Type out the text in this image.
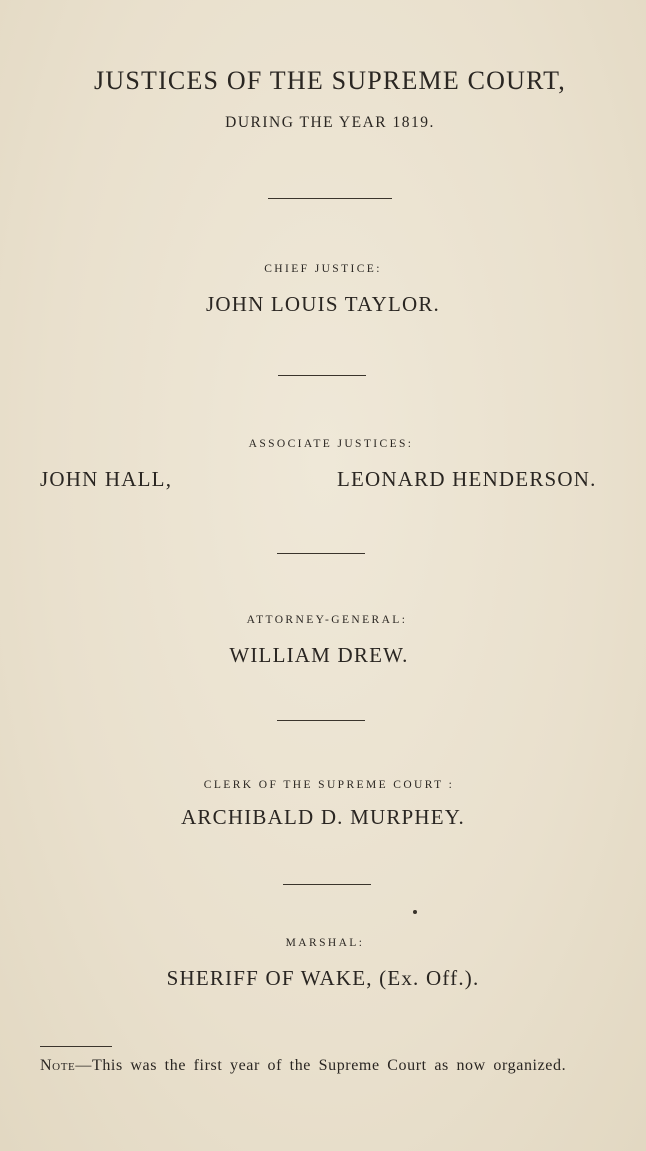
JUSTICES OF THE SUPREME COURT,
DURING THE YEAR 1819.
CHIEF JUSTICE:
JOHN LOUIS TAYLOR.
ASSOCIATE JUSTICES:
JOHN HALL,	LEONARD HENDERSON.
ATTORNEY-GENERAL:
WILLIAM DREW.
CLERK OF THE SUPREME COURT :
ARCHIBALD D. MURPHEY.
MARSHAL:
SHERIFF OF WAKE, (Ex. Off.).
Note—This was the first year of the Supreme Court as now organized.
